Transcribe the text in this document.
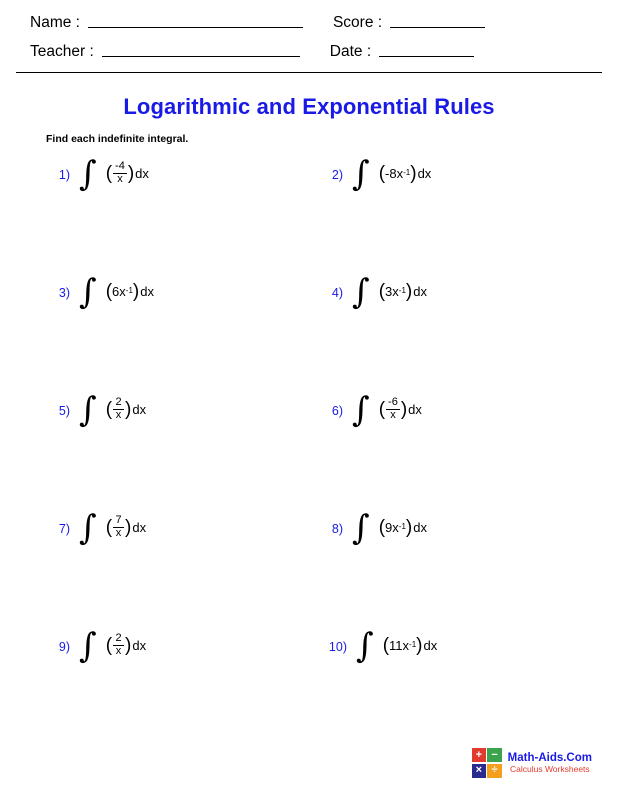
Name :	Score :
Teacher :	Date :
Logarithmic and Exponential Rules
Find each indefinite integral.
1) ∫ ( $\frac{-4}{x}$ ) dx	2) ∫ ( -8x -1 ) dx
3) ∫ ( 6x -1 ) dx	4) ∫ ( 3x -1 ) dx
5) ∫ ( $\frac{2}{x}$ ) dx	6) ∫ ( $\frac{-6}{x}$ ) dx
7) ∫ ( $\frac{7}{x}$ ) dx	8) ∫ ( 9x -1 ) dx
9) ∫ ( $\frac{2}{x}$ ) dx	10) ∫ ( 11x -1 ) dx
+ −
× ÷
Math-Aids.Com
Calculus Worksheets
